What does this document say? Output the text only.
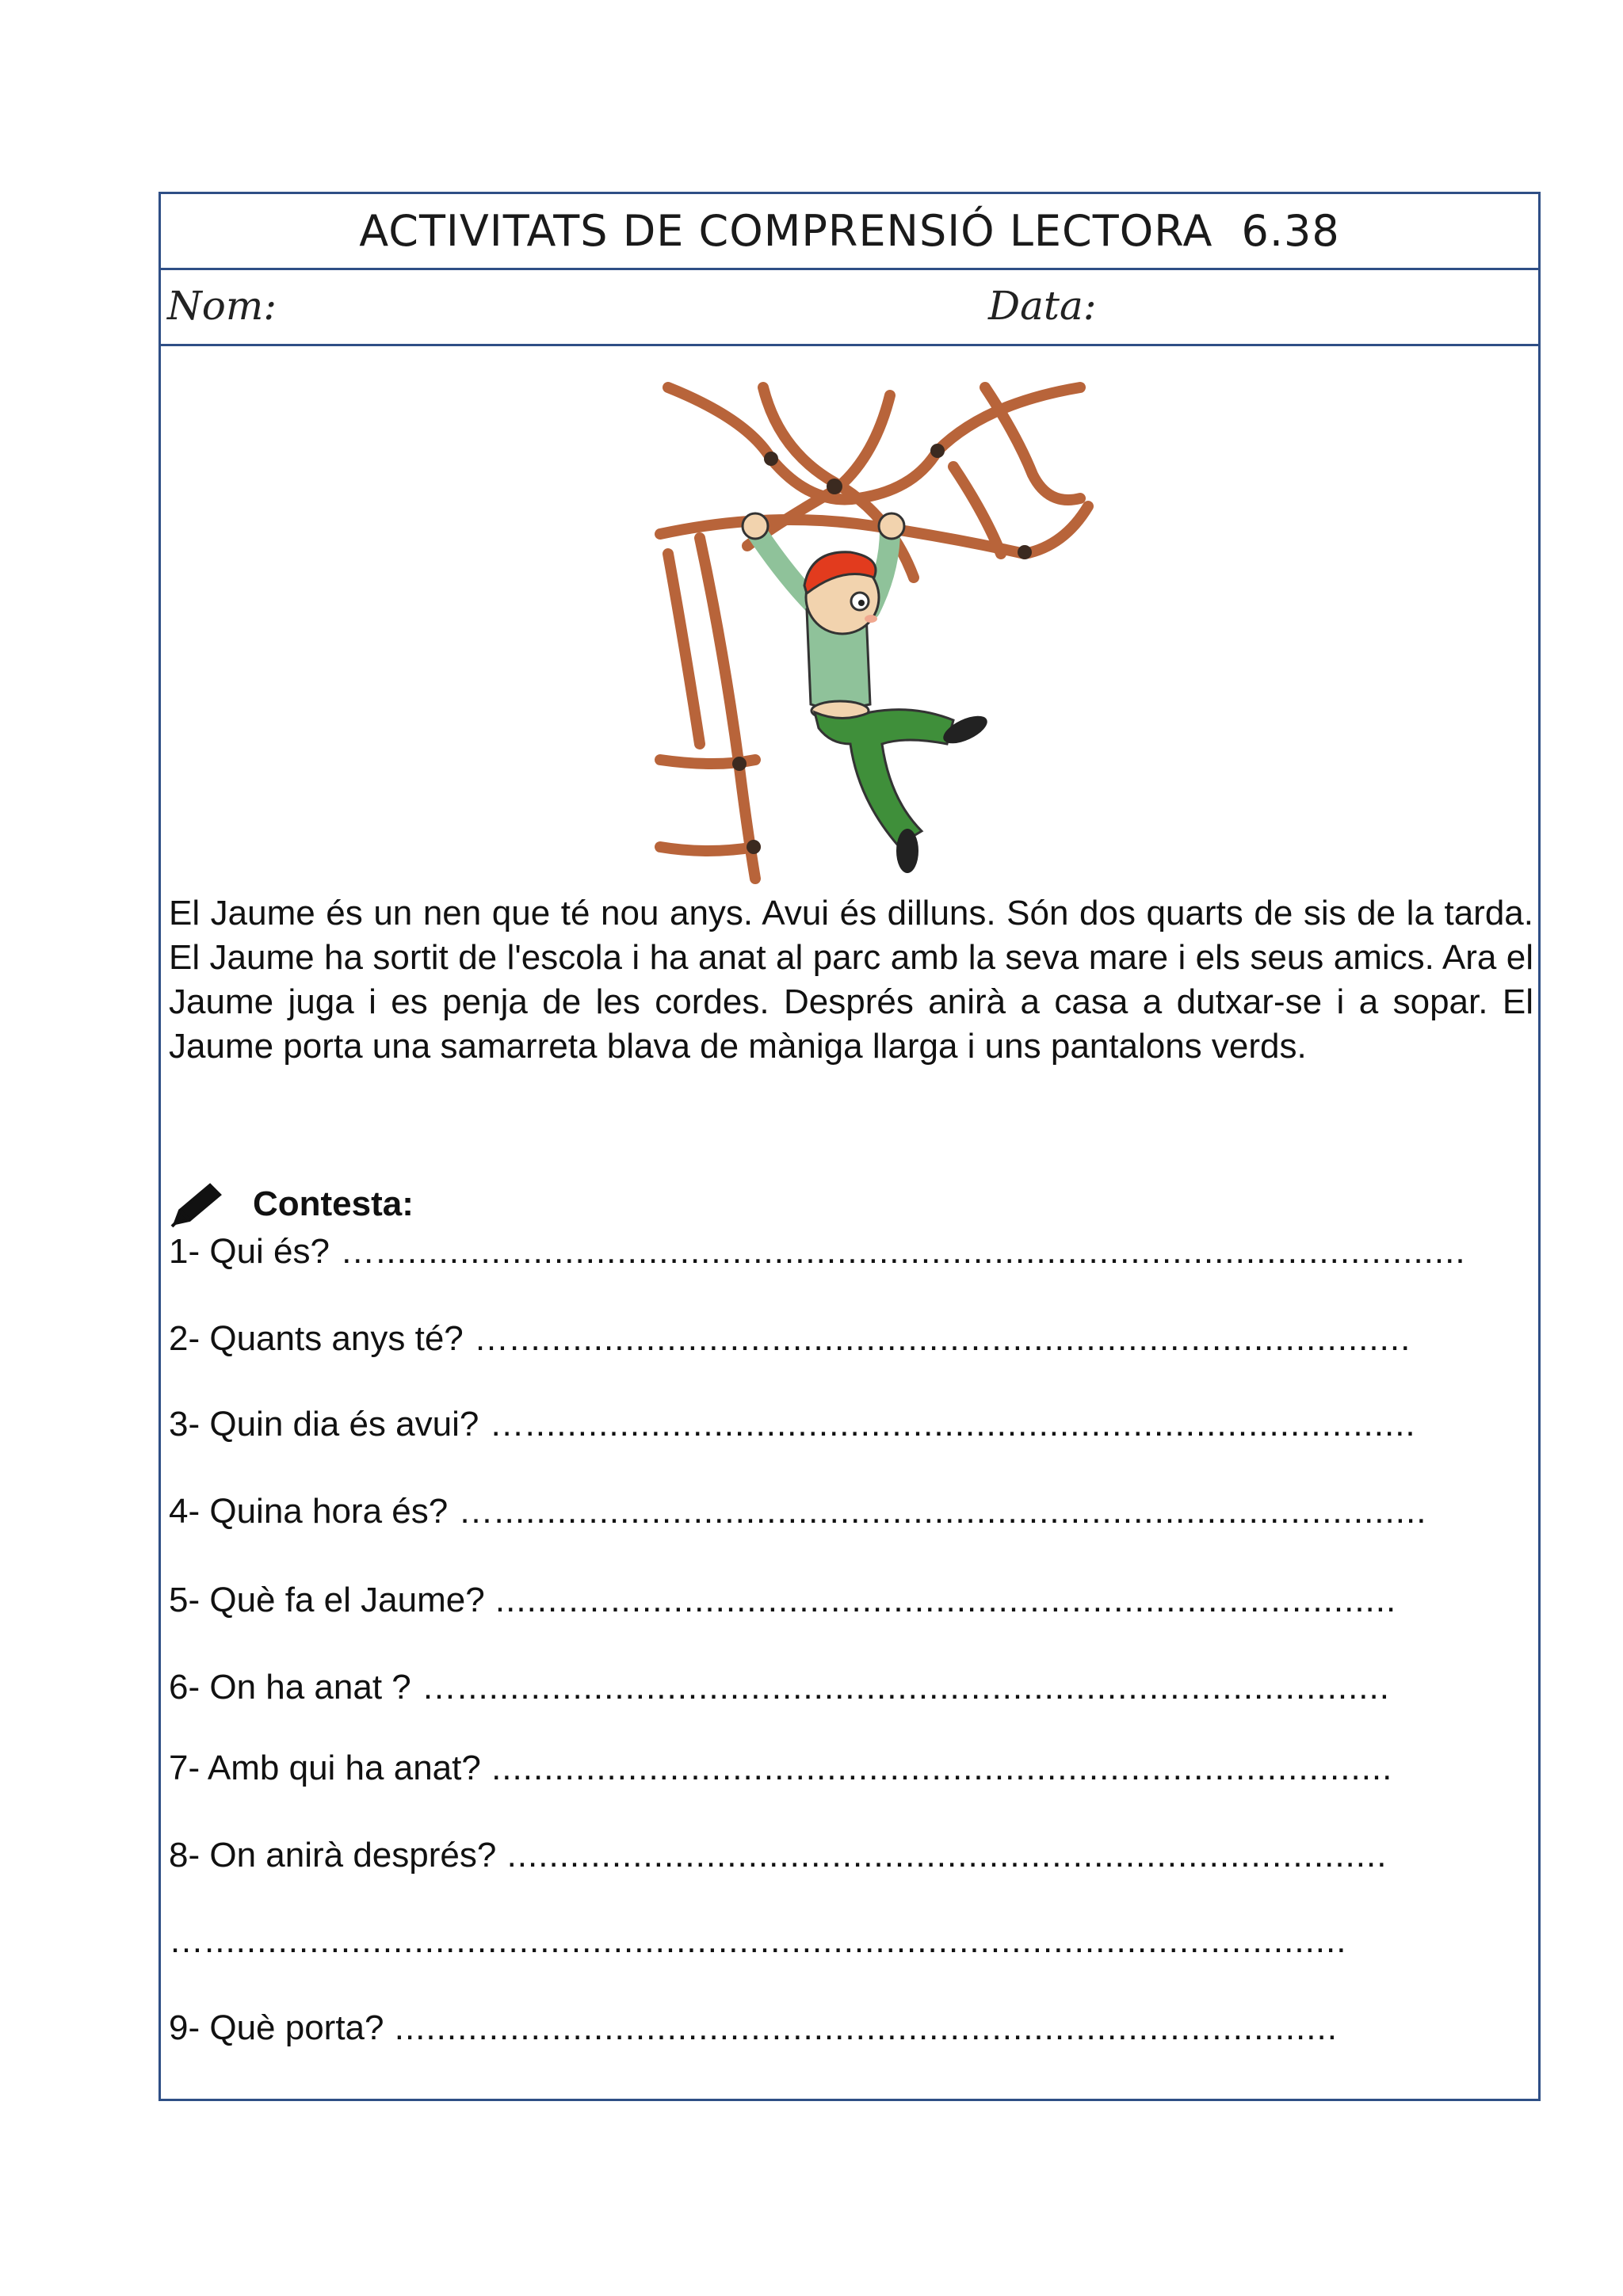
ACTIVITATS DE COMPRENSIÓ LECTORA 6.38
Nom:	Data:
El Jaume és un nen que té nou anys. Avui és dilluns. Són dos quarts de sis de la tarda. El Jaume ha sortit de l'escola i ha anat al parc amb la seva mare i els seus amics. Ara el Jaume juga i es penja de les cordes. Després anirà a casa a dutxar-se i a sopar. El Jaume porta una samarreta blava de màniga llarga i uns pantalons verds.
Contesta:
1- Qui és? …........................................................................................................
2- Quants anys té? …......................................................................................
3- Quin dia és avui? ….....................................................................................
4- Quina hora és? ….........................................................................................
5- Què fa el Jaume? ......................................................................................
6- On ha anat ? ….........................................................................................
7- Amb qui ha anat? ......................................................................................
8- On anirà després? ....................................................................................
….............................................................................................................
9- Què porta? ..........................................................................................
